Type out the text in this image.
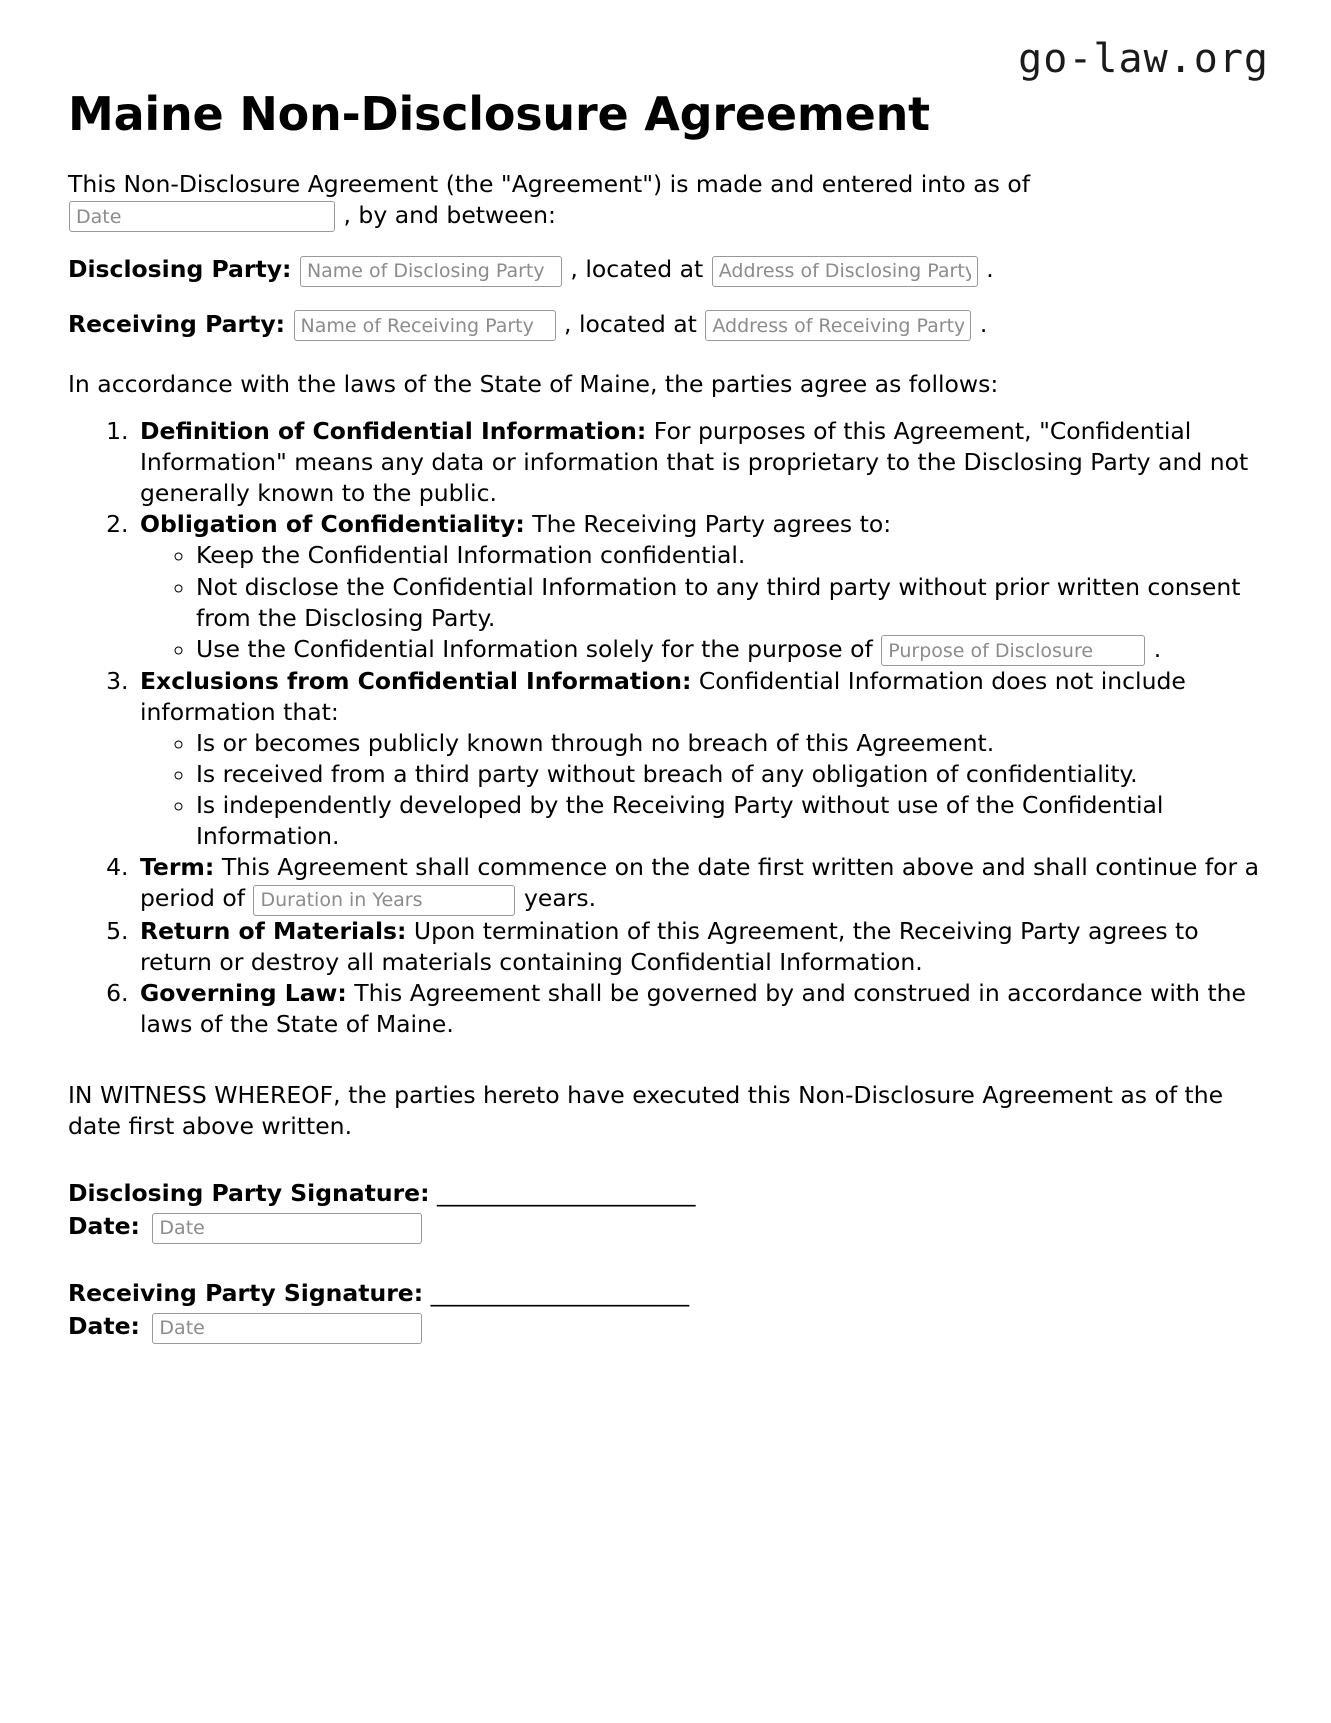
go-law.org
Maine Non-Disclosure Agreement

This Non-Disclosure Agreement (the "Agreement") is made and entered into as of
Date , by and between:

Disclosing Party: Name of Disclosing Party	, located at Address of Disclosing Party	.

Receiving Party: Name of Receiving Party	, located at Address of Receiving Party	.

In accordance with the laws of the State of Maine, the parties agree as follows:

1. Definition of Confidential Information: For purposes of this Agreement, "Confidential Information" means any data or information that is proprietary to the Disclosing Party and not generally known to the public.
2. Obligation of Confidentiality: The Receiving Party agrees to:
◦ Keep the Confidential Information confidential.
◦ Not disclose the Confidential Information to any third party without prior written consent from the Disclosing Party.
◦ Use the Confidential Information solely for the purpose of Purpose of Disclosure	.
3. Exclusions from Confidential Information: Confidential Information does not include information that:
◦ Is or becomes publicly known through no breach of this Agreement.
◦ Is received from a third party without breach of any obligation of confidentiality.
◦ Is independently developed by the Receiving Party without use of the Confidential Information.
4. Term: This Agreement shall commence on the date first written above and shall continue for a period of Duration in Years	years.
5. Return of Materials: Upon termination of this Agreement, the Receiving Party agrees to return or destroy all materials containing Confidential Information.
6. Governing Law: This Agreement shall be governed by and construed in accordance with the laws of the State of Maine.

IN WITNESS WHEREOF, the parties hereto have executed this Non-Disclosure Agreement as of the date first above written.

Disclosing Party Signature: ______________________
Date: Date
Receiving Party Signature: ______________________
Date: Date
